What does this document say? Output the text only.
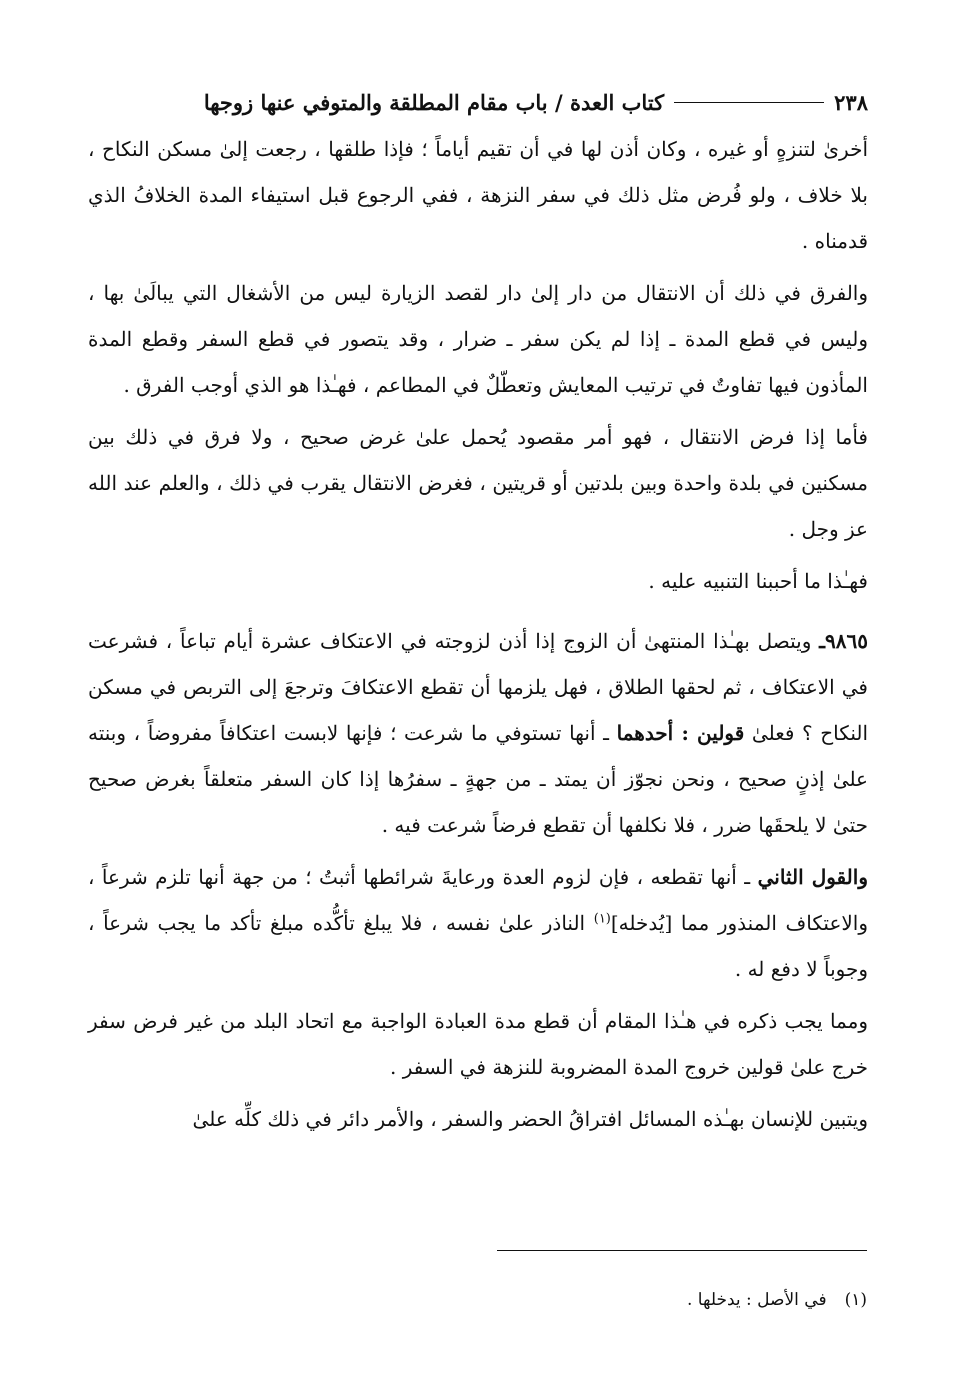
٢٣٨
كتاب العدة / باب مقام المطلقة والمتوفي عنها زوجها

أخرىٰ لتنزهٍ أو غيره ، وكان أذن لها في أن تقيم أياماً ؛ فإذا طلقها ، رجعت إلىٰ مسكن النكاح ، بلا خلاف ، ولو فُرض مثل ذلك في سفر النزهة ، ففي الرجوع قبل استيفاء المدة الخلافُ الذي قدمناه .

والفرق في ذلك أن الانتقال من دار إلىٰ دار لقصد الزيارة ليس من الأشغال التي يبالَىٰ بها ، وليس في قطع المدة ـ إذا لم يكن سفر ـ ضرار ، وقد يتصور في قطع السفر وقطع المدة المأذون فيها تفاوتٌ في ترتيب المعايش وتعطّلٌ في المطاعم ، فهـٰذا هو الذي أوجب الفرق .

فأما إذا فرض الانتقال ، فهو أمر مقصود يُحمل علىٰ غرض صحيح ، ولا فرق في ذلك بين مسكنين في بلدة واحدة وبين بلدتين أو قريتين ، فغرض الانتقال يقرب في ذلك ، والعلم عند الله عز وجل .

فهـٰذا ما أحببنا التنبيه عليه .

٩٨٦٥ـ ويتصل بهـٰذا المنتهىٰ أن الزوج إذا أذن لزوجته في الاعتكاف عشرة أيام تباعاً ، فشرعت في الاعتكاف ، ثم لحقها الطلاق ، فهل يلزمها أن تقطع الاعتكافَ وترجعَ إلى التربص في مسكن النكاح ؟ فعلىٰ قولين : أحدهما ـ أنها تستوفي ما شرعت ؛ فإنها لابست اعتكافاً مفروضاً ، وبنته علىٰ إذنٍ صحيح ، ونحن نجوّز أن يمتد ـ من جهةٍ ـ سفرُها إذا كان السفر متعلقاً بغرض صحيح حتىٰ لا يلحقَها ضرر ، فلا نكلفها أن تقطع فرضاً شرعت فيه .

والقول الثاني ـ أنها تقطعه ، فإن لزوم العدة ورعايةَ شرائطها أثبتُ ؛ من جهة أنها تلزم شرعاً ، والاعتكاف المنذور مما [يُدخله]$^{(١)}$ الناذر علىٰ نفسه ، فلا يبلغ تأكُّده مبلغ تأكد ما يجب شرعاً ، وجوباً لا دفع له .

ومما يجب ذكره في هـٰذا المقام أن قطع مدة العبادة الواجبة مع اتحاد البلد من غير فرض سفر خرج علىٰ قولين خروج المدة المضروبة للنزهة في السفر .

ويتبين للإنسان بهـٰذه المسائل افتراقُ الحضر والسفر ، والأمر دائر في ذلك كلِّه علىٰ

(١)في الأصل : يدخلها .
